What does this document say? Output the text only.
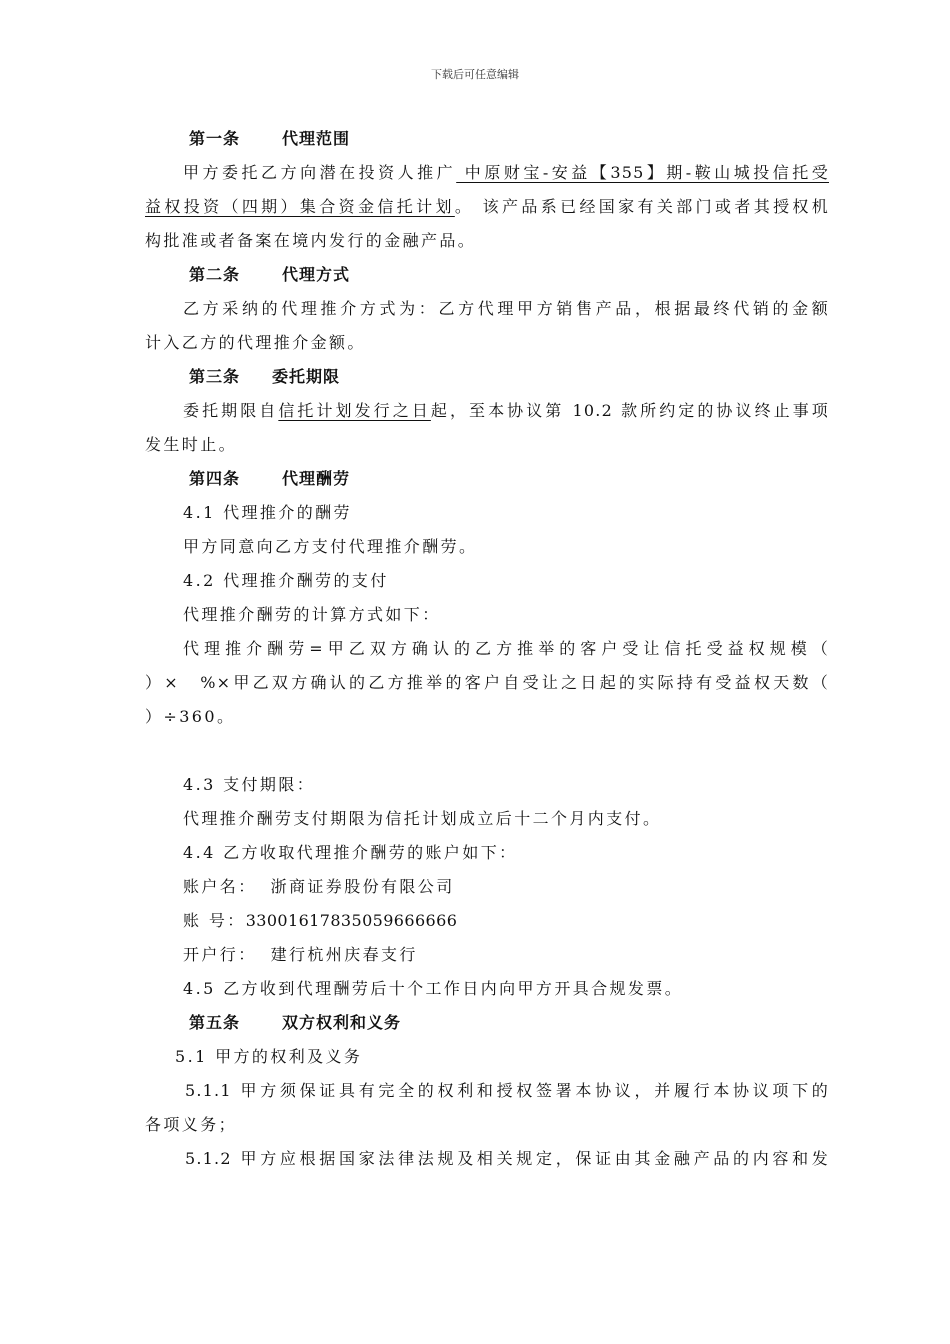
下载后可任意编辑
第一条	代理范围
甲方委托乙方向潜在投资人推广 中原财宝-安益【355】期-鞍山城投信托受
益权投资（四期）集合资金信托计划。 该产品系已经国家有关部门或者其授权机
构批准或者备案在境内发行的金融产品。
第二条	代理方式
乙方采纳的代理推介方式为：乙方代理甲方销售产品，根据最终代销的金额
计入乙方的代理推介金额。
第三条 委托期限
委托期限自信托计划发行之日起，至本协议第 10.2 款所约定的协议终止事项
发生时止。
第四条	代理酬劳
4.1 代理推介的酬劳
甲方同意向乙方支付代理推介酬劳。
4.2 代理推介酬劳的支付
代理推介酬劳的计算方式如下：
代理推介酬劳=甲乙双方确认的乙方推举的客户受让信托受益权规模（
）×　%×甲乙双方确认的乙方推举的客户自受让之日起的实际持有受益权天数（
）÷360。
4.3 支付期限：
代理推介酬劳支付期限为信托计划成立后十二个月内支付。
4.4 乙方收取代理推介酬劳的账户如下：
账户名： 浙商证券股份有限公司
账 号：33001617835059666666
开户行： 建行杭州庆春支行
4.5 乙方收到代理酬劳后十个工作日内向甲方开具合规发票。
第五条	双方权利和义务
5.1 甲方的权利及义务
5.1.1 甲方须保证具有完全的权利和授权签署本协议，并履行本协议项下的
各项义务；
5.1.2 甲方应根据国家法律法规及相关规定，保证由其金融产品的内容和发
